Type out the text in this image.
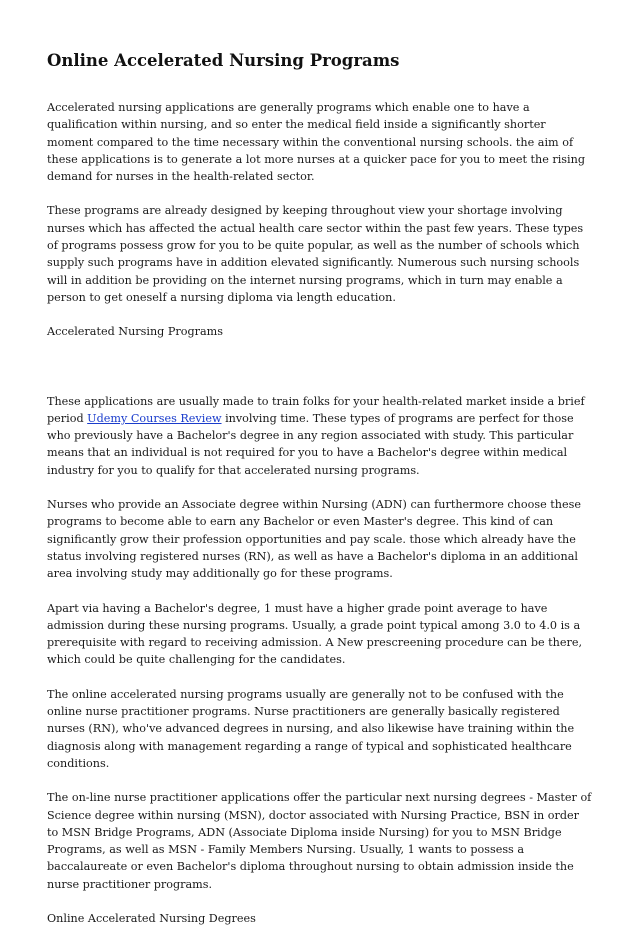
Online Accelerated Nursing Programs

Accelerated nursing applications are generally programs which enable one to have a qualification within nursing, and so enter the medical field inside a significantly shorter moment compared to the time necessary within the conventional nursing schools. the aim of these applications is to generate a lot more nurses at a quicker pace for you to meet the rising demand for nurses in the health-related sector.

These programs are already designed by keeping throughout view your shortage involving nurses which has affected the actual health care sector within the past few years. These types of programs possess grow for you to be quite popular, as well as the number of schools which supply such programs have in addition elevated significantly. Numerous such nursing schools will in addition be providing on the internet nursing programs, which in turn may enable a person to get oneself a nursing diploma via length education.

Accelerated Nursing Programs

These applications are usually made to train folks for your health-related market inside a brief period Udemy Courses Review involving time. These types of programs are perfect for those who previously have a Bachelor's degree in any region associated with study. This particular means that an individual is not required for you to have a Bachelor's degree within medical industry for you to qualify for that accelerated nursing programs.

Nurses who provide an Associate degree within Nursing (ADN) can furthermore choose these programs to become able to earn any Bachelor or even Master's degree. This kind of can significantly grow their profession opportunities and pay scale. those which already have the status involving registered nurses (RN), as well as have a Bachelor's diploma in an additional area involving study may additionally go for these programs.

Apart via having a Bachelor's degree, 1 must have a higher grade point average to have admission during these nursing programs. Usually, a grade point typical among 3.0 to 4.0 is a prerequisite with regard to receiving admission. A New prescreening procedure can be there, which could be quite challenging for the candidates.

The online accelerated nursing programs usually are generally not to be confused with the online nurse practitioner programs. Nurse practitioners are generally basically registered nurses (RN), who've advanced degrees in nursing, and also likewise have training within the diagnosis along with management regarding a range of typical and sophisticated healthcare conditions.

The on-line nurse practitioner applications offer the particular next nursing degrees - Master of Science degree within nursing (MSN), doctor associated with Nursing Practice, BSN in order to MSN Bridge Programs, ADN (Associate Diploma inside Nursing) for you to MSN Bridge Programs, as well as MSN - Family Members Nursing. Usually, 1 wants to possess a baccalaureate or even Bachelor's diploma throughout nursing to obtain admission inside the nurse practitioner programs.

Online Accelerated Nursing Degrees
